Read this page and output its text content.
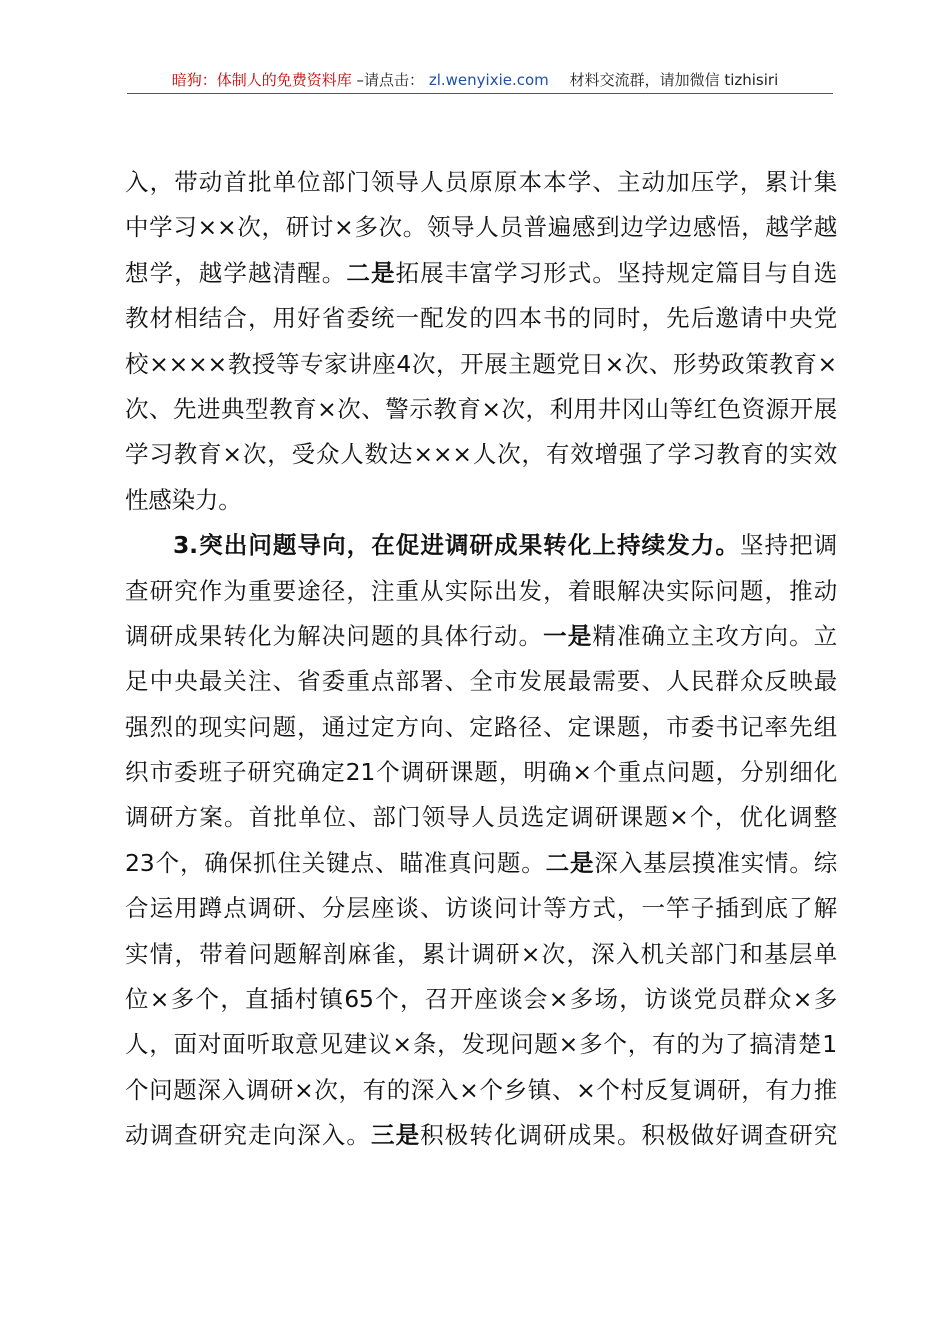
暗狗：体制人的免费资料库 –请点击： zl.wenyixie.com 材料交流群，请加微信 tizhisiri
入，带动首批单位部门领导人员原原本本学、主动加压学，累计集
中学习××次，研讨×多次。领导人员普遍感到边学边感悟，越学越
想学，越学越清醒。二是拓展丰富学习形式。坚持规定篇目与自选
教材相结合，用好省委统一配发的四本书的同时，先后邀请中央党
校××××教授等专家讲座4次，开展主题党日×次、形势政策教育×
次、先进典型教育×次、警示教育×次，利用井冈山等红色资源开展
学习教育×次，受众人数达×××人次，有效增强了学习教育的实效
性感染力。
3.突出问题导向，在促进调研成果转化上持续发力。坚持把调
查研究作为重要途径，注重从实际出发，着眼解决实际问题，推动
调研成果转化为解决问题的具体行动。一是精准确立主攻方向。立
足中央最关注、省委重点部署、全市发展最需要、人民群众反映最
强烈的现实问题，通过定方向、定路径、定课题，市委书记率先组
织市委班子研究确定21个调研课题，明确×个重点问题，分别细化
调研方案。首批单位、部门领导人员选定调研课题×个，优化调整
23个，确保抓住关键点、瞄准真问题。二是深入基层摸准实情。综
合运用蹲点调研、分层座谈、访谈问计等方式，一竿子插到底了解
实情，带着问题解剖麻雀，累计调研×次，深入机关部门和基层单
位×多个，直插村镇65个，召开座谈会×多场，访谈党员群众×多
人，面对面听取意见建议×条，发现问题×多个，有的为了搞清楚1
个问题深入调研×次，有的深入×个乡镇、×个村反复调研，有力推
动调查研究走向深入。三是积极转化调研成果。积极做好调查研究
